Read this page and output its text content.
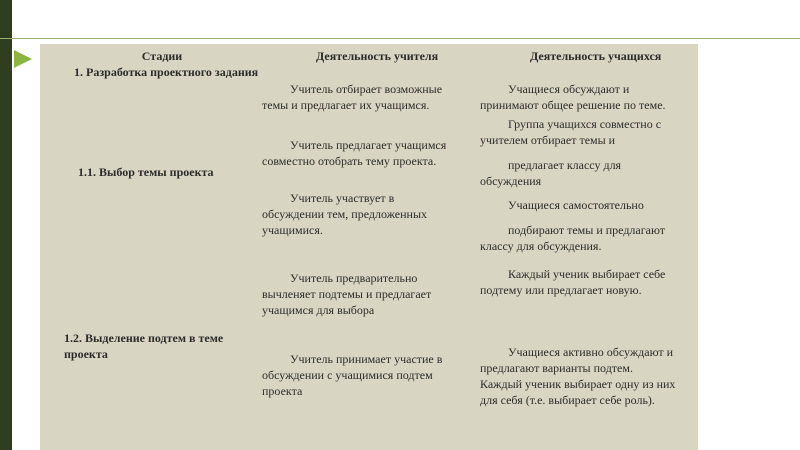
Стадии	Деятельность учителя	Деятельность учащихся
1. Разработка проектного задания
1.1. Выбор темы проекта
Учитель отбирает возможные
темы и предлагает их учащимся.
Учитель предлагает учащимся
совместно отобрать тему проекта.
Учитель участвует в
обсуждении тем, предложенных
учащимися.
Учащиеся обсуждают и
принимают общее решение по теме.
Группа учащихся совместно с
учителем отбирает темы и
предлагает классу для
обсуждения
Учащиеся самостоятельно
подбирают темы и предлагают
классу для обсуждения.
1.2. Выделение подтем в теме
проекта
Учитель предварительно
вычленяет подтемы и предлагает
учащимся для выбора
Учитель принимает участие в
обсуждении с учащимися подтем
проекта
Каждый ученик выбирает себе
подтему или предлагает новую.
Учащиеся активно обсуждают и
предлагают варианты подтем.
Каждый ученик выбирает одну из них
для себя (т.е. выбирает себе роль).
